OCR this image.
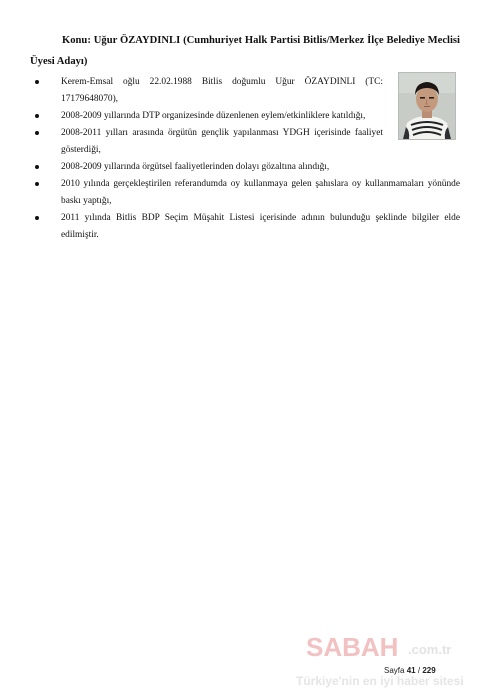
Konu: Uğur ÖZAYDINLI (Cumhuriyet Halk Partisi Bitlis/Merkez İlçe Belediye Meclisi Üyesi Adayı)
Kerem-Emsal oğlu 22.02.1988 Bitlis doğumlu Uğur ÖZAYDINLI (TC: 17179648070),
2008-2009 yıllarında DTP organizesinde düzenlenen eylem/etkinliklere katıldığı,
2008-2011 yılları arasında örgütün gençlik yapılanması YDGH içerisinde faaliyet gösterdiği,
2008-2009 yıllarında örgütsel faaliyetlerinden dolayı gözaltına alındığı,
2010 yılında gerçekleştirilen referandumda oy kullanmaya gelen şahıslara oy kullanmamaları yönünde baskı yaptığı,
2011 yılında Bitlis BDP Seçim Müşahit Listesi içerisinde adının bulunduğu şeklinde bilgiler elde edilmiştir.
SABAH .com.tr
Türkiye'nin en iyi haber sitesi
Sayfa 41 / 229
